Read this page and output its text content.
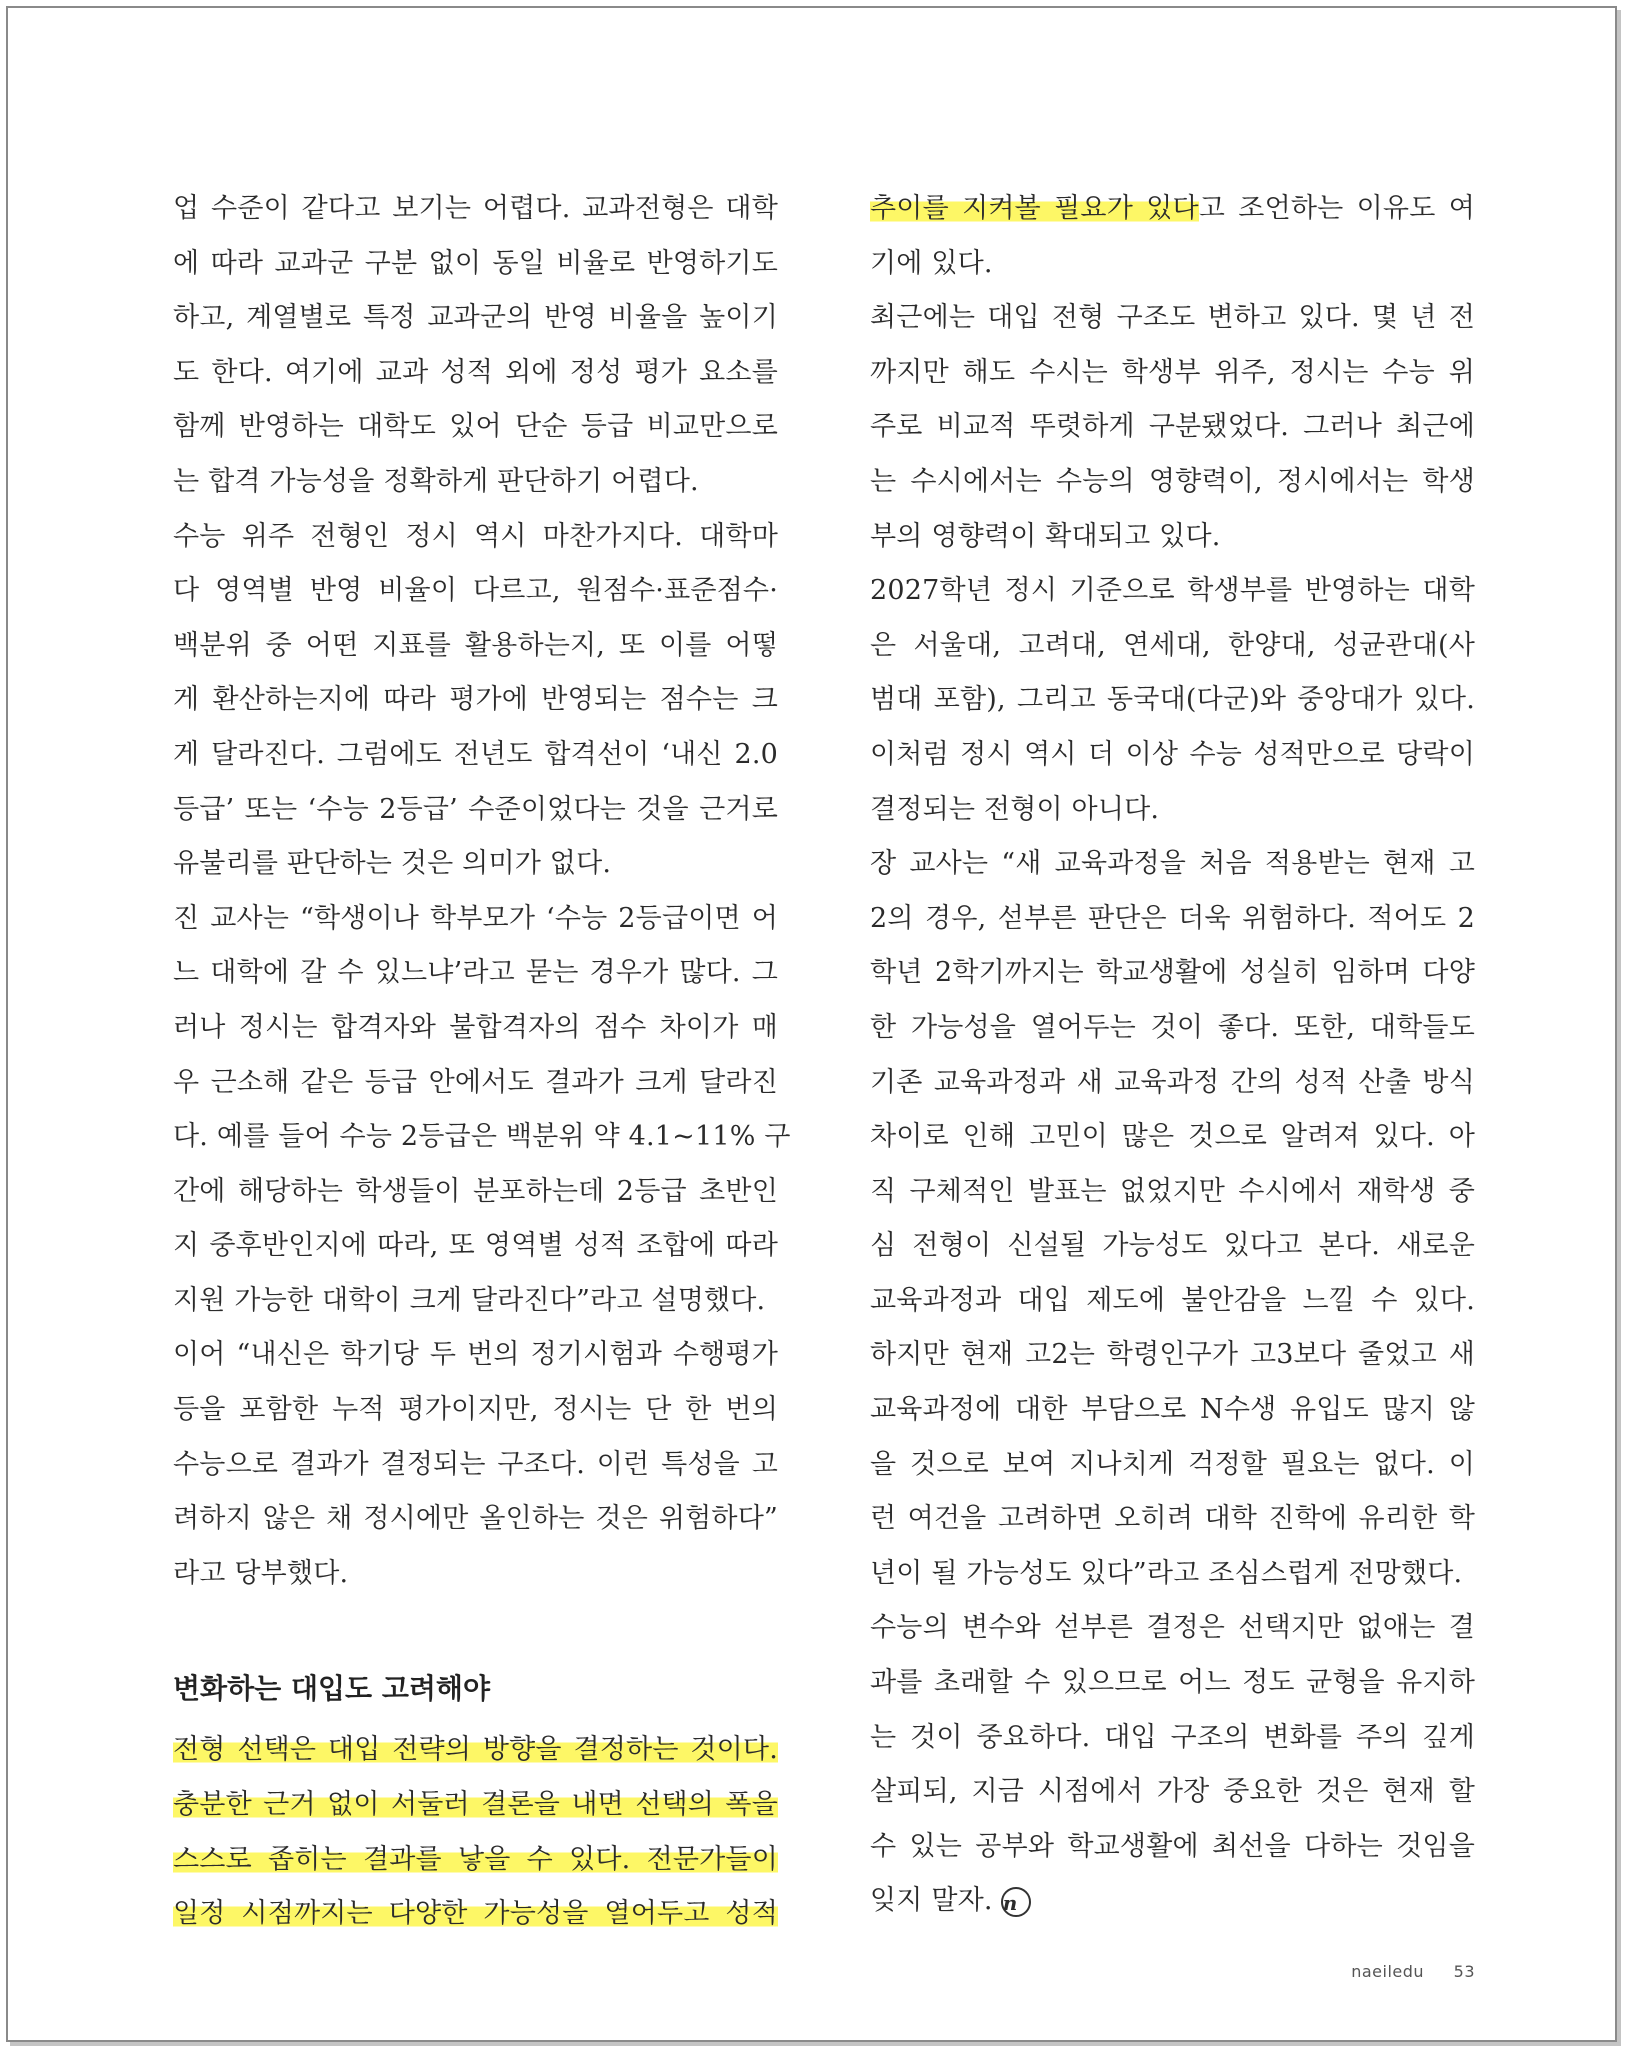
업 수준이 같다고 보기는 어렵다. 교과전형은 대학
에 따라 교과군 구분 없이 동일 비율로 반영하기도
하고, 계열별로 특정 교과군의 반영 비율을 높이기
도 한다. 여기에 교과 성적 외에 정성 평가 요소를
함께 반영하는 대학도 있어 단순 등급 비교만으로
는 합격 가능성을 정확하게 판단하기 어렵다.

수능 위주 전형인 정시 역시 마찬가지다. 대학마
다 영역별 반영 비율이 다르고, 원점수·표준점수·
백분위 중 어떤 지표를 활용하는지, 또 이를 어떻
게 환산하는지에 따라 평가에 반영되는 점수는 크
게 달라진다. 그럼에도 전년도 합격선이 ‘내신 2.0
등급’ 또는 ‘수능 2등급’ 수준이었다는 것을 근거로
유불리를 판단하는 것은 의미가 없다.

진 교사는 “학생이나 학부모가 ‘수능 2등급이면 어
느 대학에 갈 수 있느냐’라고 묻는 경우가 많다. 그
러나 정시는 합격자와 불합격자의 점수 차이가 매
우 근소해 같은 등급 안에서도 결과가 크게 달라진
다. 예를 들어 수능 2등급은 백분위 약 4.1~11% 구
간에 해당하는 학생들이 분포하는데 2등급 초반인
지 중후반인지에 따라, 또 영역별 성적 조합에 따라
지원 가능한 대학이 크게 달라진다”라고 설명했다.

이어 “내신은 학기당 두 번의 정기시험과 수행평가
등을 포함한 누적 평가이지만, 정시는 단 한 번의
수능으로 결과가 결정되는 구조다. 이런 특성을 고
려하지 않은 채 정시에만 올인하는 것은 위험하다”
라고 당부했다.

변화하는 대입도 고려해야

전형 선택은 대입 전략의 방향을 결정하는 것이다.
충분한 근거 없이 서둘러 결론을 내면 선택의 폭을
스스로 좁히는 결과를 낳을 수 있다. 전문가들이
일정 시점까지는 다양한 가능성을 열어두고 성적

추이를 지켜볼 필요가 있다고 조언하는 이유도 여
기에 있다.

최근에는 대입 전형 구조도 변하고 있다. 몇 년 전
까지만 해도 수시는 학생부 위주, 정시는 수능 위
주로 비교적 뚜렷하게 구분됐었다. 그러나 최근에
는 수시에서는 수능의 영향력이, 정시에서는 학생
부의 영향력이 확대되고 있다.

2027학년 정시 기준으로 학생부를 반영하는 대학
은 서울대, 고려대, 연세대, 한양대, 성균관대(사
범대 포함), 그리고 동국대(다군)와 중앙대가 있다.
이처럼 정시 역시 더 이상 수능 성적만으로 당락이
결정되는 전형이 아니다.

장 교사는 “새 교육과정을 처음 적용받는 현재 고
2의 경우, 섣부른 판단은 더욱 위험하다. 적어도 2
학년 2학기까지는 학교생활에 성실히 임하며 다양
한 가능성을 열어두는 것이 좋다. 또한, 대학들도
기존 교육과정과 새 교육과정 간의 성적 산출 방식
차이로 인해 고민이 많은 것으로 알려져 있다. 아
직 구체적인 발표는 없었지만 수시에서 재학생 중
심 전형이 신설될 가능성도 있다고 본다. 새로운
교육과정과 대입 제도에 불안감을 느낄 수 있다.
하지만 현재 고2는 학령인구가 고3보다 줄었고 새
교육과정에 대한 부담으로 N수생 유입도 많지 않
을 것으로 보여 지나치게 걱정할 필요는 없다. 이
런 여건을 고려하면 오히려 대학 진학에 유리한 학
년이 될 가능성도 있다”라고 조심스럽게 전망했다.

수능의 변수와 섣부른 결정은 선택지만 없애는 결
과를 초래할 수 있으므로 어느 정도 균형을 유지하
는 것이 중요하다. 대입 구조의 변화를 주의 깊게
살피되, 지금 시점에서 가장 중요한 것은 현재 할
수 있는 공부와 학교생활에 최선을 다하는 것임을
잊지 말자. n

naeiledu 53
